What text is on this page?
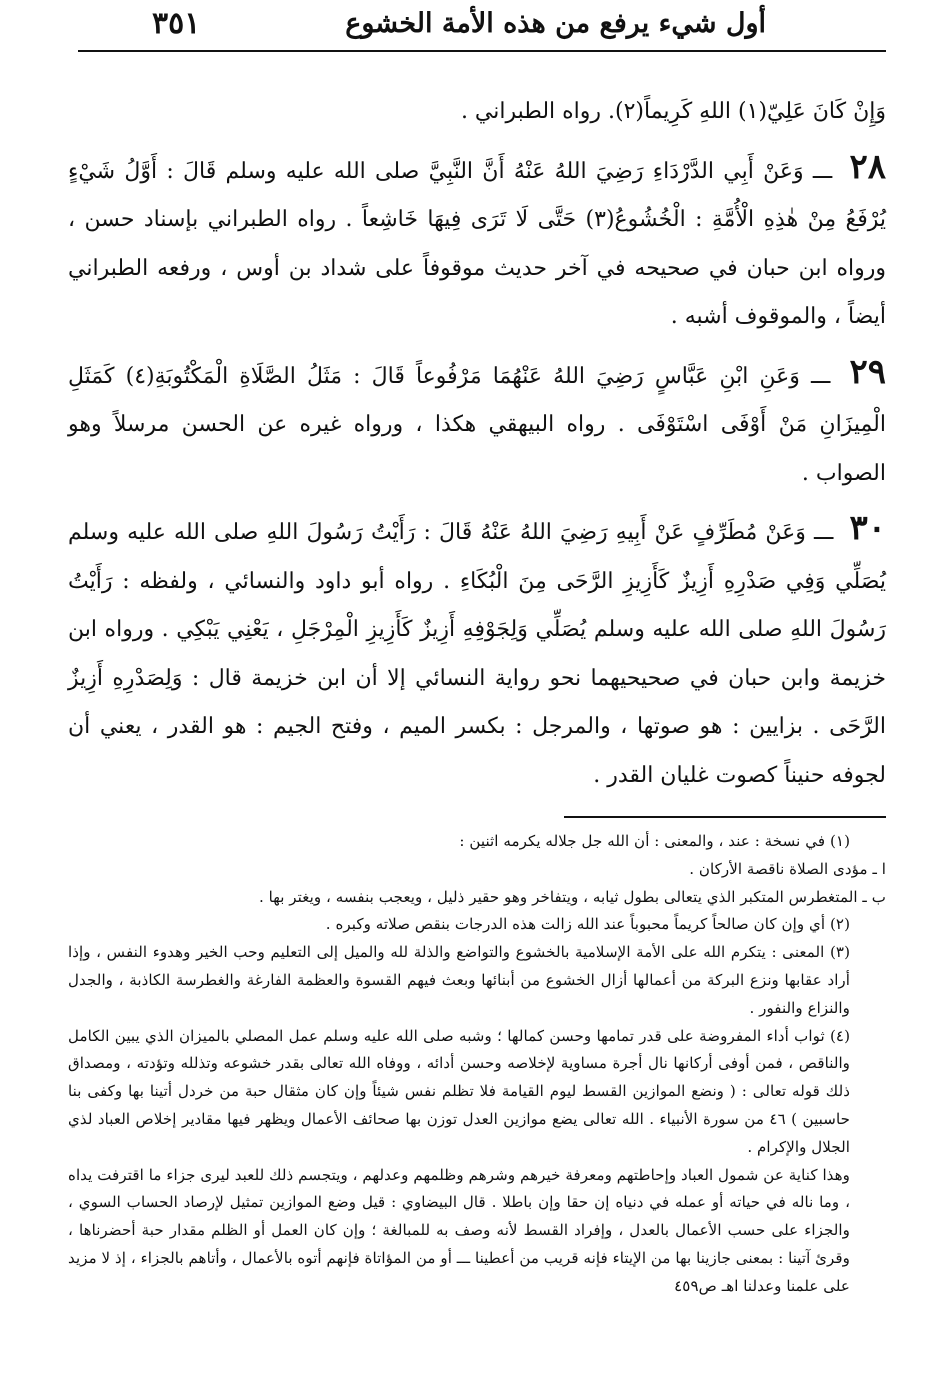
أول شيء يرفع من هذه الأمة الخشوع
٣٥١

وَإِنْ كَانَ عَلِيّ(١) اللهِ كَرِيماً(٢). رواه الطبراني .

٢٨ ـــ وَعَنْ أَبِي الدَّرْدَاءِ رَضِيَ اللهُ عَنْهُ أَنَّ النَّبِيَّ صلى الله عليه وسلم قَالَ : أَوَّلُ شَيْءٍ يُرْفَعُ مِنْ هٰذِهِ الْأُمَّةِ : الْخُشُوعُ(٣) حَتَّى لَا تَرَى فِيهَا خَاشِعاً . رواه الطبراني بإسناد حسن ، ورواه ابن حبان في صحيحه في آخر حديث موقوفاً على شداد بن أوس ، ورفعه الطبراني أيضاً ، والموقوف أشبه .

٢٩ ـــ وَعَنِ ابْنِ عَبَّاسٍ رَضِيَ اللهُ عَنْهُمَا مَرْفُوعاً قَالَ : مَثَلُ الصَّلَاةِ الْمَكْتُوبَةِ(٤) كَمَثَلِ الْمِيزَانِ مَنْ أَوْفَى اسْتَوْفَى . رواه البيهقي هكذا ، ورواه غيره عن الحسن مرسلاً وهو الصواب .

٣٠ ـــ وَعَنْ مُطَرِّفٍ عَنْ أَبِيهِ رَضِيَ اللهُ عَنْهُ قَالَ : رَأَيْتُ رَسُولَ اللهِ صلى الله عليه وسلم يُصَلِّي وَفِي صَدْرِهِ أَزِيزٌ كَأَزِيزِ الرَّحَى مِنَ الْبُكَاءِ . رواه أبو داود والنسائي ، ولفظه : رَأَيْتُ رَسُولَ اللهِ صلى الله عليه وسلم يُصَلِّي وَلِجَوْفِهِ أَزِيزٌ كَأَزِيزِ الْمِرْجَلِ ، يَعْنِي يَبْكِي . ورواه ابن خزيمة وابن حبان في صحيحيهما نحو رواية النسائي إلا أن ابن خزيمة قال : وَلِصَدْرِهِ أَزِيزٌ الرَّحَى . بزايين : هو صوتها ، والمرجل : بكسر الميم ، وفتح الجيم : هو القدر ، يعني أن لجوفه حنيناً كصوت غليان القدر .

(١) في نسخة : عند ، والمعنى : أن الله جل جلاله يكرمه اثنين :

ا ـ مؤدى الصلاة ناقصة الأركان .

ب ـ المتغطرس المتكبر الذي يتعالى بطول ثيابه ، ويتفاخر وهو حقير ذليل ، ويعجب بنفسه ، ويغتر بها .

(٢) أي وإن كان صالحاً كريماً محبوباً عند الله زالت هذه الدرجات بنقص صلاته وكبره .

(٣) المعنى : يتكرم الله على الأمة الإسلامية بالخشوع والتواضع والذلة لله والميل إلى التعليم وحب الخير وهدوء النفس ، وإذا أراد عقابها ونزع البركة من أعمالها أزال الخشوع من أبنائها وبعث فيهم القسوة والعظمة الفارغة والغطرسة الكاذبة ، والجدل والنزاع والنفور .

(٤) ثواب أداء المفروضة على قدر تمامها وحسن كمالها ؛ وشبه صلى الله عليه وسلم عمل المصلي بالميزان الذي يبين الكامل والناقص ، فمن أوفى أركانها نال أجرة مساوية لإخلاصه وحسن أدائه ، ووفاه الله تعالى بقدر خشوعه وتذلله وتؤدته ، ومصداق ذلك قوله تعالى : ( ونضع الموازين القسط ليوم القيامة فلا تظلم نفس شيئاً وإن كان مثقال حبة من خردل أتينا بها وكفى بنا حاسبين ) ٤٦ من سورة الأنبياء . الله تعالى يضع موازين العدل توزن بها صحائف الأعمال ويظهر فيها مقادير إخلاص العباد لذي الجلال والإكرام .

وهذا كناية عن شمول العباد وإحاطتهم ومعرفة خيرهم وشرهم وظلمهم وعدلهم ، ويتجسم ذلك للعبد ليرى جزاء ما اقترفت يداه ، وما ناله في حياته أو عمله في دنياه إن حقا وإن باطلا . قال البيضاوي : قيل وضع الموازين تمثيل لإرصاد الحساب السوي ، والجزاء على حسب الأعمال بالعدل ، وإفراد القسط لأنه وصف به للمبالغة ؛ وإن كان العمل أو الظلم مقدار حبة أحضرناها ، وقرئ آتينا : بمعنى جازينا بها من الإيتاء فإنه قريب من أعطينا ـــ أو من المؤاتاة فإنهم أتوه بالأعمال ، وأتاهم بالجزاء ، إذ لا مزيد على علمنا وعدلنا اهـ ص٤٥٩
